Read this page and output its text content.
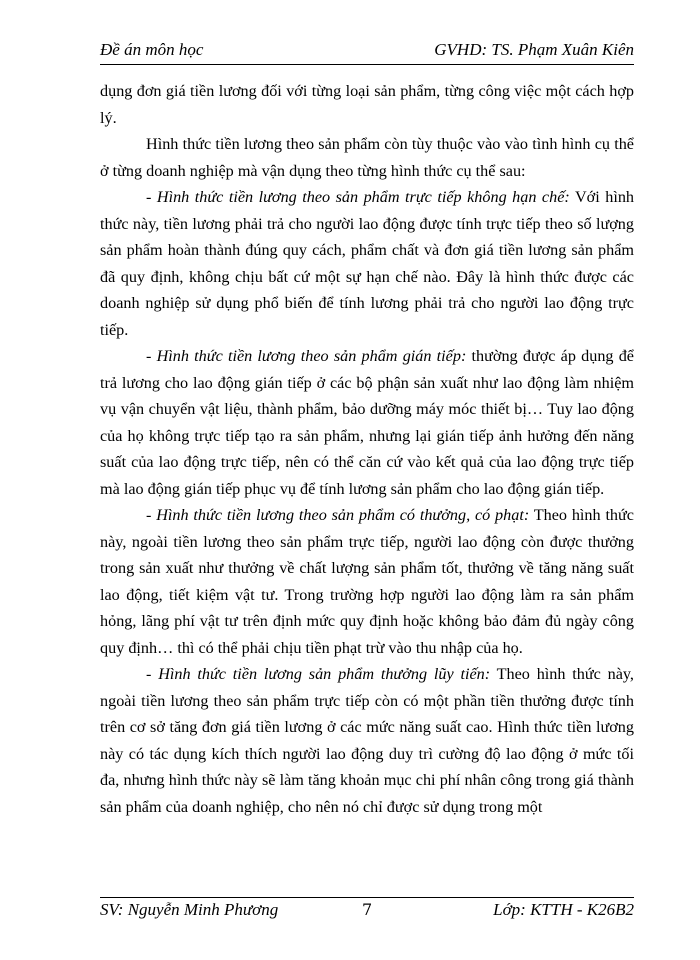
Đề án môn học	GVHD: TS. Phạm Xuân Kiên

dụng đơn giá tiền lương đối với từng loại sản phẩm, từng công việc một cách hợp lý.

Hình thức tiền lương theo sản phẩm còn tùy thuộc vào vào tình hình cụ thể ở từng doanh nghiệp mà vận dụng theo từng hình thức cụ thể sau:

- Hình thức tiền lương theo sản phẩm trực tiếp không hạn chế: Với hình thức này, tiền lương phải trả cho người lao động được tính trực tiếp theo số lượng sản phẩm hoàn thành đúng quy cách, phẩm chất và đơn giá tiền lương sản phẩm đã quy định, không chịu bất cứ một sự hạn chế nào. Đây là hình thức được các doanh nghiệp sử dụng phổ biến để tính lương phải trả cho người lao động trực tiếp.

- Hình thức tiền lương theo sản phẩm gián tiếp: thường được áp dụng để trả lương cho lao động gián tiếp ở các bộ phận sản xuất như lao động làm nhiệm vụ vận chuyển vật liệu, thành phẩm, bảo dưỡng máy móc thiết bị… Tuy lao động của họ không trực tiếp tạo ra sản phẩm, nhưng lại gián tiếp ảnh hưởng đến năng suất của lao động trực tiếp, nên có thể căn cứ vào kết quả của lao động trực tiếp mà lao động gián tiếp phục vụ để tính lương sản phẩm cho lao động gián tiếp.

- Hình thức tiền lương theo sản phẩm có thưởng, có phạt: Theo hình thức này, ngoài tiền lương theo sản phẩm trực tiếp, người lao động còn được thưởng trong sản xuất như thưởng về chất lượng sản phẩm tốt, thưởng về tăng năng suất lao động, tiết kiệm vật tư. Trong trường hợp người lao động làm ra sản phẩm hỏng, lãng phí vật tư trên định mức quy định hoặc không bảo đảm đủ ngày công quy định… thì có thể phải chịu tiền phạt trừ vào thu nhập của họ.

- Hình thức tiền lương sản phẩm thưởng lũy tiến: Theo hình thức này, ngoài tiền lương theo sản phẩm trực tiếp còn có một phần tiền thưởng được tính trên cơ sở tăng đơn giá tiền lương ở các mức năng suất cao. Hình thức tiền lương này có tác dụng kích thích người lao động duy trì cường độ lao động ở mức tối đa, nhưng hình thức này sẽ làm tăng khoản mục chi phí nhân công trong giá thành sản phẩm của doanh nghiệp, cho nên nó chỉ được sử dụng trong một

SV: Nguyễn Minh Phương	7	Lớp: KTTH - K26B2
